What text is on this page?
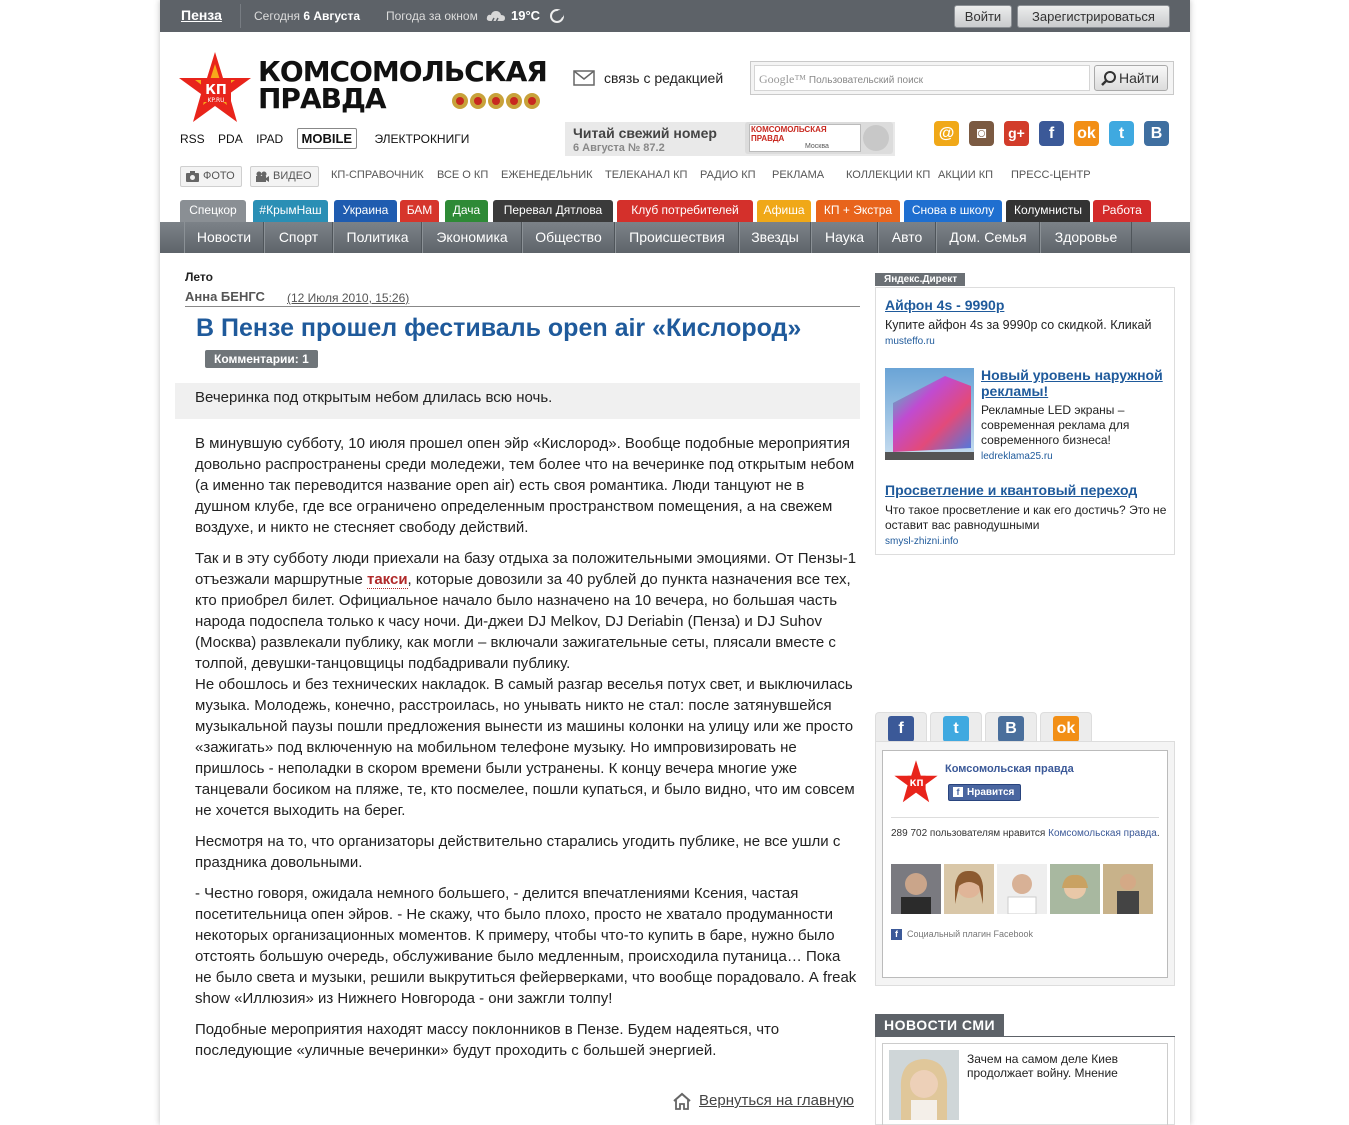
Пенза	Сегодня 6 Августа Погода за окном	19°C	Войти	Зарегистрироваться
КП
KP.RU
КОМСОМОЛЬСКАЯ
ПРАВДА
RSS PDA IPAD MOBILE ЭЛЕКТРОКНИГИ
связь с редакцией	Google™ Пользовательский поиск	Найти
Читай свежий номер
6 Августа № 87.2
КОМСОМОЛЬСКАЯ ПРАВДА
Москва
@	◙	g+	f	ok	t	B
ФОТО	ВИДЕО	КП-СПРАВОЧНИК ВСЕ О КП ЕЖЕНЕДЕЛЬНИК ТЕЛЕКАНАЛ КП РАДИО КП РЕКЛАМА КОЛЛЕКЦИИ КП АКЦИИ КП ПРЕСС-ЦЕНТР
Спецкор	#КрымНаш	Украина	БАМ	Дача	Перевал Дятлова	Клуб потребителей	Афиша	КП + Экстра	Снова в школу	Колумнисты	Работа
Новости	Спорт	Политика	Экономика	Общество	Происшествия	Звезды	Наука	Авто	Дом. Семья	Здоровье
Лето
Анна БЕНГС (12 Июля 2010, 15:26)
В Пензе прошел фестиваль open air «Кислород»
Комментарии: 1
Вечеринка под открытым небом длилась всю ночь.

В минувшую субботу, 10 июля прошел опен эйр «Кислород». Вообще подобные мероприятия довольно распространены среди моледежи, тем более что на вечеринке под открытым небом (а именно так переводится название open air) есть своя романтика. Люди танцуют не в душном клубе, где все ограничено определенным пространством помещения, а на свежем воздухе, и никто не стесняет свободу действий.

Так и в эту субботу люди приехали на базу отдыха за положительными эмоциями. От Пензы-1 отъезжали маршрутные такси, которые довозили за 40 рублей до пункта назначения все тех, кто приобрел билет. Официальное начало было назначено на 10 вечера, но большая часть народа подоспела только к часу ночи. Ди-джеи DJ Melkov, DJ Deriabin (Пенза) и DJ Suhov (Москва) развлекали публику, как могли – включали зажигательные сеты, плясали вместе с толпой, девушки-танцовщицы подбадривали публику.

Не обошлось и без технических накладок. В самый разгар веселья потух свет, и выключилась музыка. Молодежь, конечно, расстроилась, но унывать никто не стал: после затянувшейся музыкальной паузы пошли предложения вынести из машины колонки на улицу или же просто «зажигать» под включенную на мобильном телефоне музыку. Но импровизировать не пришлось - неполадки в скором времени были устранены. К концу вечера многие уже танцевали босиком на пляже, те, кто посмелее, пошли купаться, и было видно, что им совсем не хочется выходить на берег.

Несмотря на то, что организаторы действительно старались угодить публике, не все ушли с праздника довольными.

- Честно говоря, ожидала немного большего, - делится впечатлениями Ксения, частая посетительница опен эйров. - Не скажу, что было плохо, просто не хватало продуманности некоторых организационных моментов. К примеру, чтобы что-то купить в баре, нужно было отстоять большую очередь, обслуживание было медленным, происходила путаница… Пока не было света и музыки, решили выкрутиться фейерверками, что вообще порадовало. А freak show «Иллюзия» из Нижнего Новгорода - они зажгли толпу!

Подобные мероприятия находят массу поклонников в Пензе. Будем надеяться, что последующие «уличные вечеринки» будут проходить с большей энергией.

Вернуться на главную
Яндекс.Директ
Айфон 4s - 9990р
Купите айфон 4s за 9990р со скидкой. Кликай
musteffo.ru
Новый уровень наружной рекламы!
Рекламные LED экраны – современная реклама для современного бизнеса!
ledreklama25.ru
Просветление и квантовый переход
Что такое просветление и как его достичь? Это не оставит вас равнодушными
smysl-zhizni.info
f	t	B	ok
КП
Комсомольская правда
f Нравится
289 702 пользователям нравится Комсомольская правда.
f Социальный плагин Facebook
НОВОСТИ СМИ
Зачем на самом деле Киев продолжает войну. Мнение
